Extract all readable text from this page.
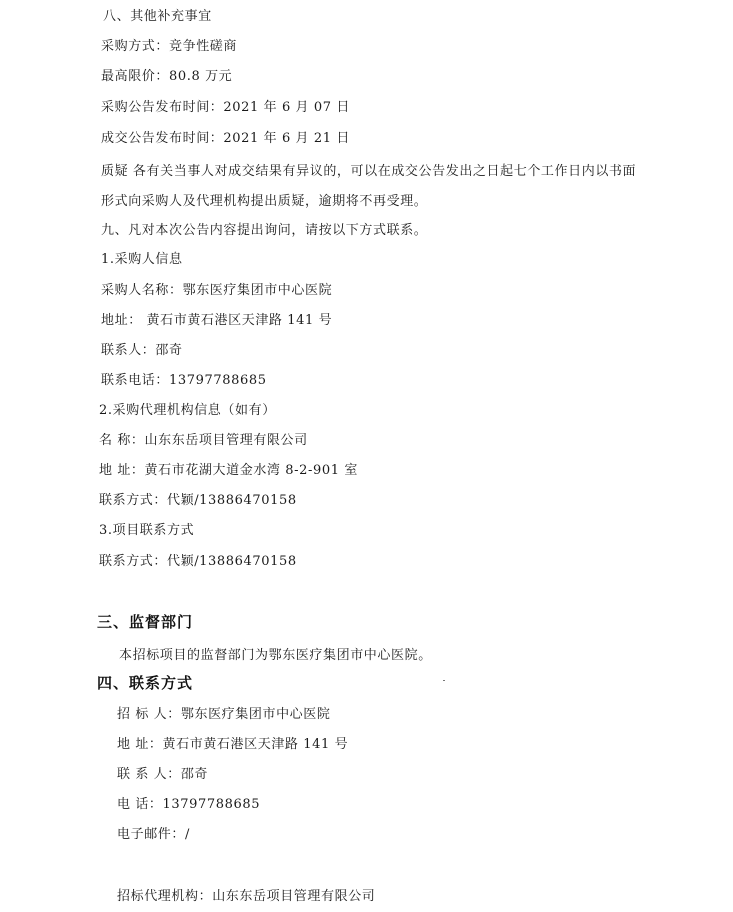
八、其他补充事宜
采购方式：竞争性磋商
最高限价：80.8 万元
采购公告发布时间：2021 年 6 月 07 日
成交公告发布时间：2021 年 6 月 21 日
质疑 各有关当事人对成交结果有异议的，可以在成交公告发出之日起七个工作日内以书面
形式向采购人及代理机构提出质疑，逾期将不再受理。
九、凡对本次公告内容提出询问，请按以下方式联系。
1.采购人信息
采购人名称：鄂东医疗集团市中心医院
地址： 黄石市黄石港区天津路 141 号
联系人：邵奇
联系电话：13797788685
2.采购代理机构信息（如有）
名 称：山东东岳项目管理有限公司
地 址：黄石市花湖大道金水湾 8-2-901 室
联系方式：代颖/13886470158
3.项目联系方式
联系方式：代颖/13886470158
三、监督部门
本招标项目的监督部门为鄂东医疗集团市中心医院。
四、联系方式
招 标 人：鄂东医疗集团市中心医院
地 址：黄石市黄石港区天津路 141 号
联 系 人：邵奇
电 话：13797788685
电子邮件：/
招标代理机构：山东东岳项目管理有限公司
